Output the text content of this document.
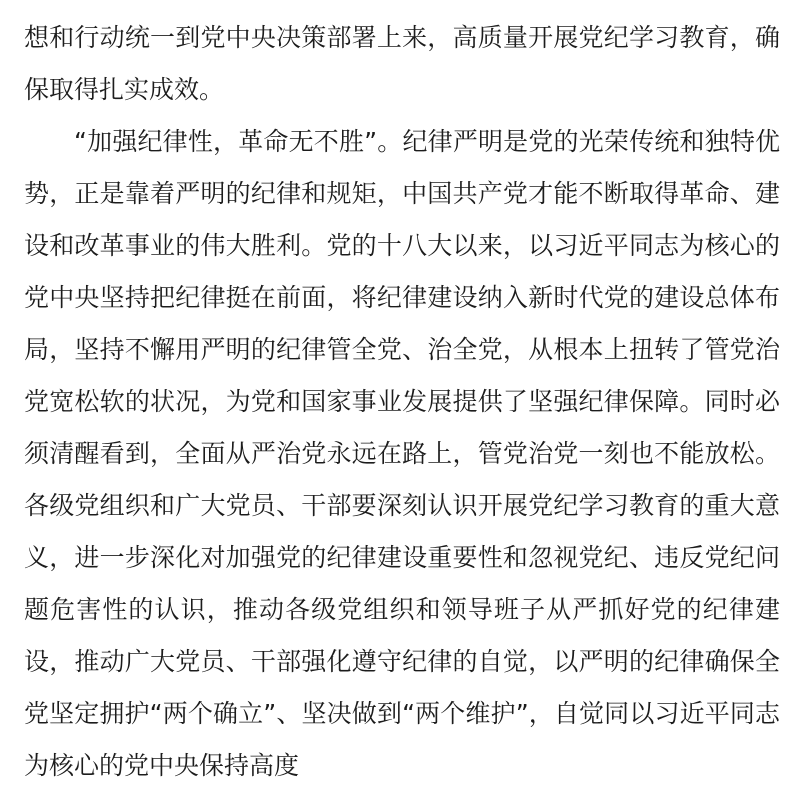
想和行动统一到党中央决策部署上来，高质量开展党纪学习教育，确保取得扎实成效。

“加强纪律性，革命无不胜”。纪律严明是党的光荣传统和独特优势，正是靠着严明的纪律和规矩，中国共产党才能不断取得革命、建设和改革事业的伟大胜利。党的十八大以来，以习近平同志为核心的党中央坚持把纪律挺在前面，将纪律建设纳入新时代党的建设总体布局，坚持不懈用严明的纪律管全党、治全党，从根本上扭转了管党治党宽松软的状况，为党和国家事业发展提供了坚强纪律保障。同时必须清醒看到，全面从严治党永远在路上，管党治党一刻也不能放松。各级党组织和广大党员、干部要深刻认识开展党纪学习教育的重大意义，进一步深化对加强党的纪律建设重要性和忽视党纪、违反党纪问题危害性的认识，推动各级党组织和领导班子从严抓好党的纪律建设，推动广大党员、干部强化遵守纪律的自觉，以严明的纪律确保全党坚定拥护“两个确立”、坚决做到“两个维护”，自觉同以习近平同志为核心的党中央保持高度
